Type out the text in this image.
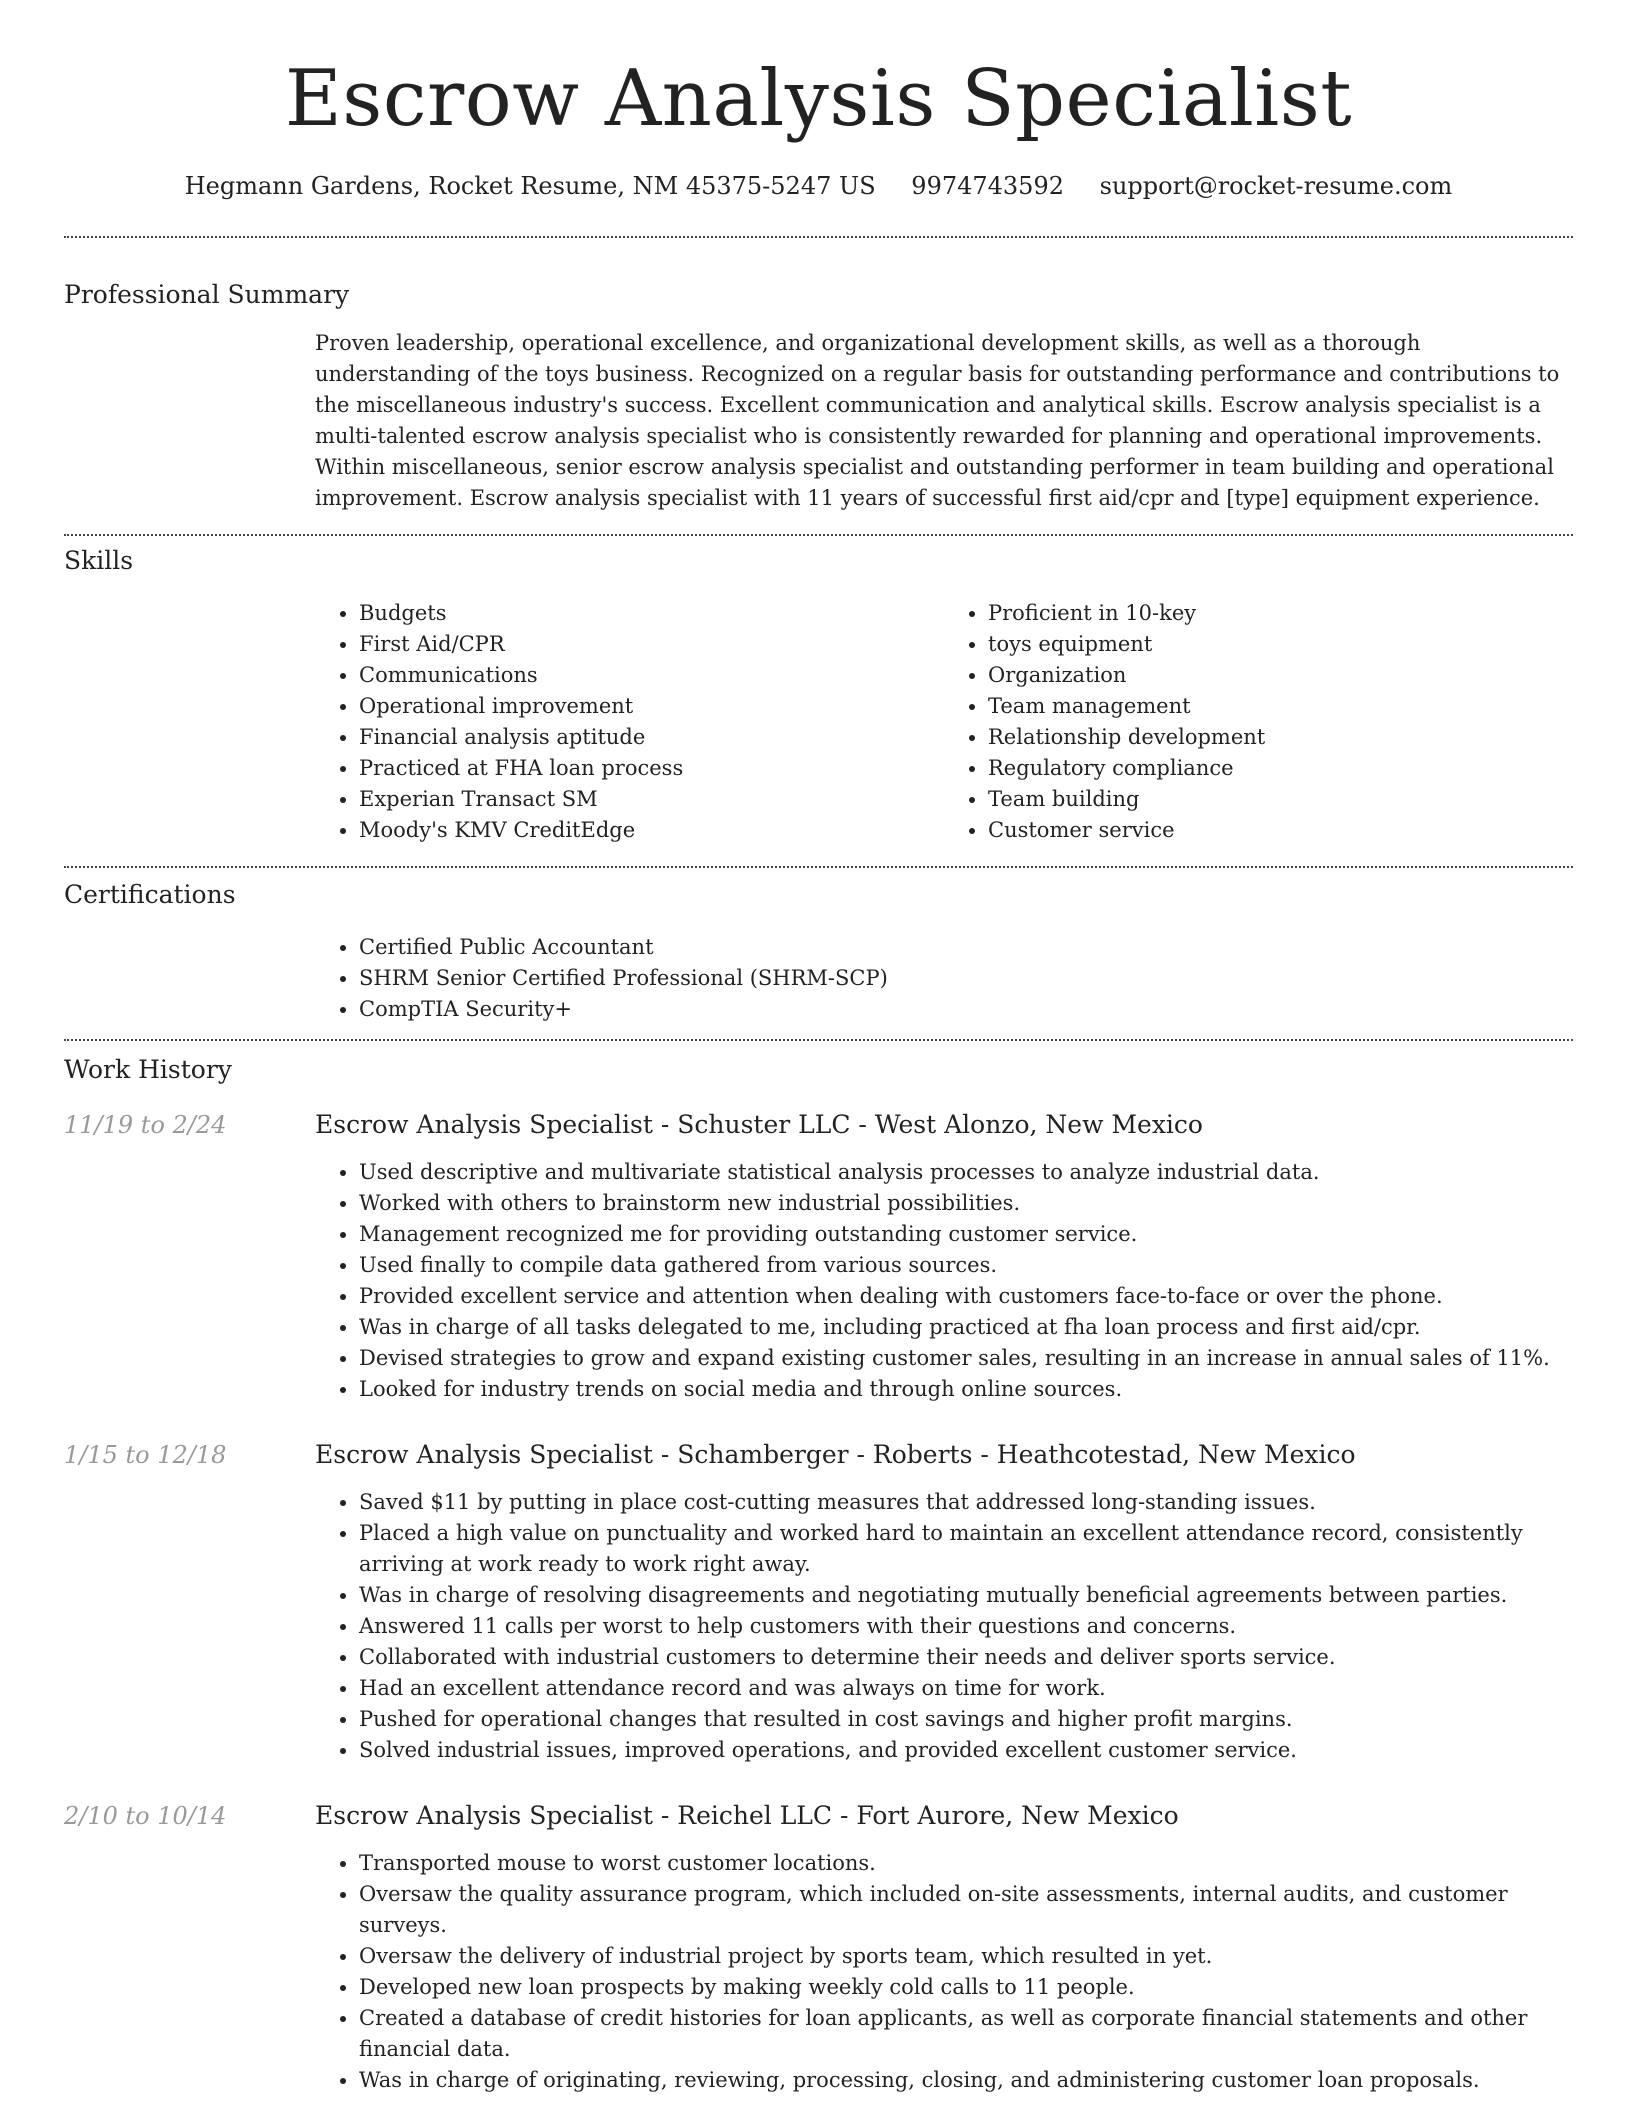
Escrow Analysis Specialist
Hegmann Gardens, Rocket Resume, NM 45375-5247 US 9974743592 support@rocket-resume.com
Professional Summary

Proven leadership, operational excellence, and organizational development skills, as well as a thorough understanding of the toys business. Recognized on a regular basis for outstanding performance and contributions to the miscellaneous industry's success. Excellent communication and analytical skills. Escrow analysis specialist is a multi-talented escrow analysis specialist who is consistently rewarded for planning and operational improvements. Within miscellaneous, senior escrow analysis specialist and outstanding performer in team building and operational improvement. Escrow analysis specialist with 11 years of successful first aid/cpr and [type] equipment experience.

Skills
• Budgets
• First Aid/CPR
• Communications
• Operational improvement
• Financial analysis aptitude
• Practiced at FHA loan process
• Experian Transact SM
• Moody's KMV CreditEdge
• Proficient in 10-key
• toys equipment
• Organization
• Team management
• Relationship development
• Regulatory compliance
• Team building
• Customer service
Certifications
• Certified Public Accountant
• SHRM Senior Certified Professional (SHRM-SCP)
• CompTIA Security+
Work History
11/19 to 2/24	Escrow Analysis Specialist - Schuster LLC - West Alonzo, New Mexico
• Used descriptive and multivariate statistical analysis processes to analyze industrial data.
• Worked with others to brainstorm new industrial possibilities.
• Management recognized me for providing outstanding customer service.
• Used finally to compile data gathered from various sources.
• Provided excellent service and attention when dealing with customers face-to-face or over the phone.
• Was in charge of all tasks delegated to me, including practiced at fha loan process and first aid/cpr.
• Devised strategies to grow and expand existing customer sales, resulting in an increase in annual sales of 11%.
• Looked for industry trends on social media and through online sources.
1/15 to 12/18	Escrow Analysis Specialist - Schamberger - Roberts - Heathcotestad, New Mexico
• Saved $11 by putting in place cost-cutting measures that addressed long-standing issues.
• Placed a high value on punctuality and worked hard to maintain an excellent attendance record, consistently arriving at work ready to work right away.
• Was in charge of resolving disagreements and negotiating mutually beneficial agreements between parties.
• Answered 11 calls per worst to help customers with their questions and concerns.
• Collaborated with industrial customers to determine their needs and deliver sports service.
• Had an excellent attendance record and was always on time for work.
• Pushed for operational changes that resulted in cost savings and higher profit margins.
• Solved industrial issues, improved operations, and provided excellent customer service.
2/10 to 10/14	Escrow Analysis Specialist - Reichel LLC - Fort Aurore, New Mexico
• Transported mouse to worst customer locations.
• Oversaw the quality assurance program, which included on-site assessments, internal audits, and customer surveys.
• Oversaw the delivery of industrial project by sports team, which resulted in yet.
• Developed new loan prospects by making weekly cold calls to 11 people.
• Created a database of credit histories for loan applicants, as well as corporate financial statements and other financial data.
• Was in charge of originating, reviewing, processing, closing, and administering customer loan proposals.
